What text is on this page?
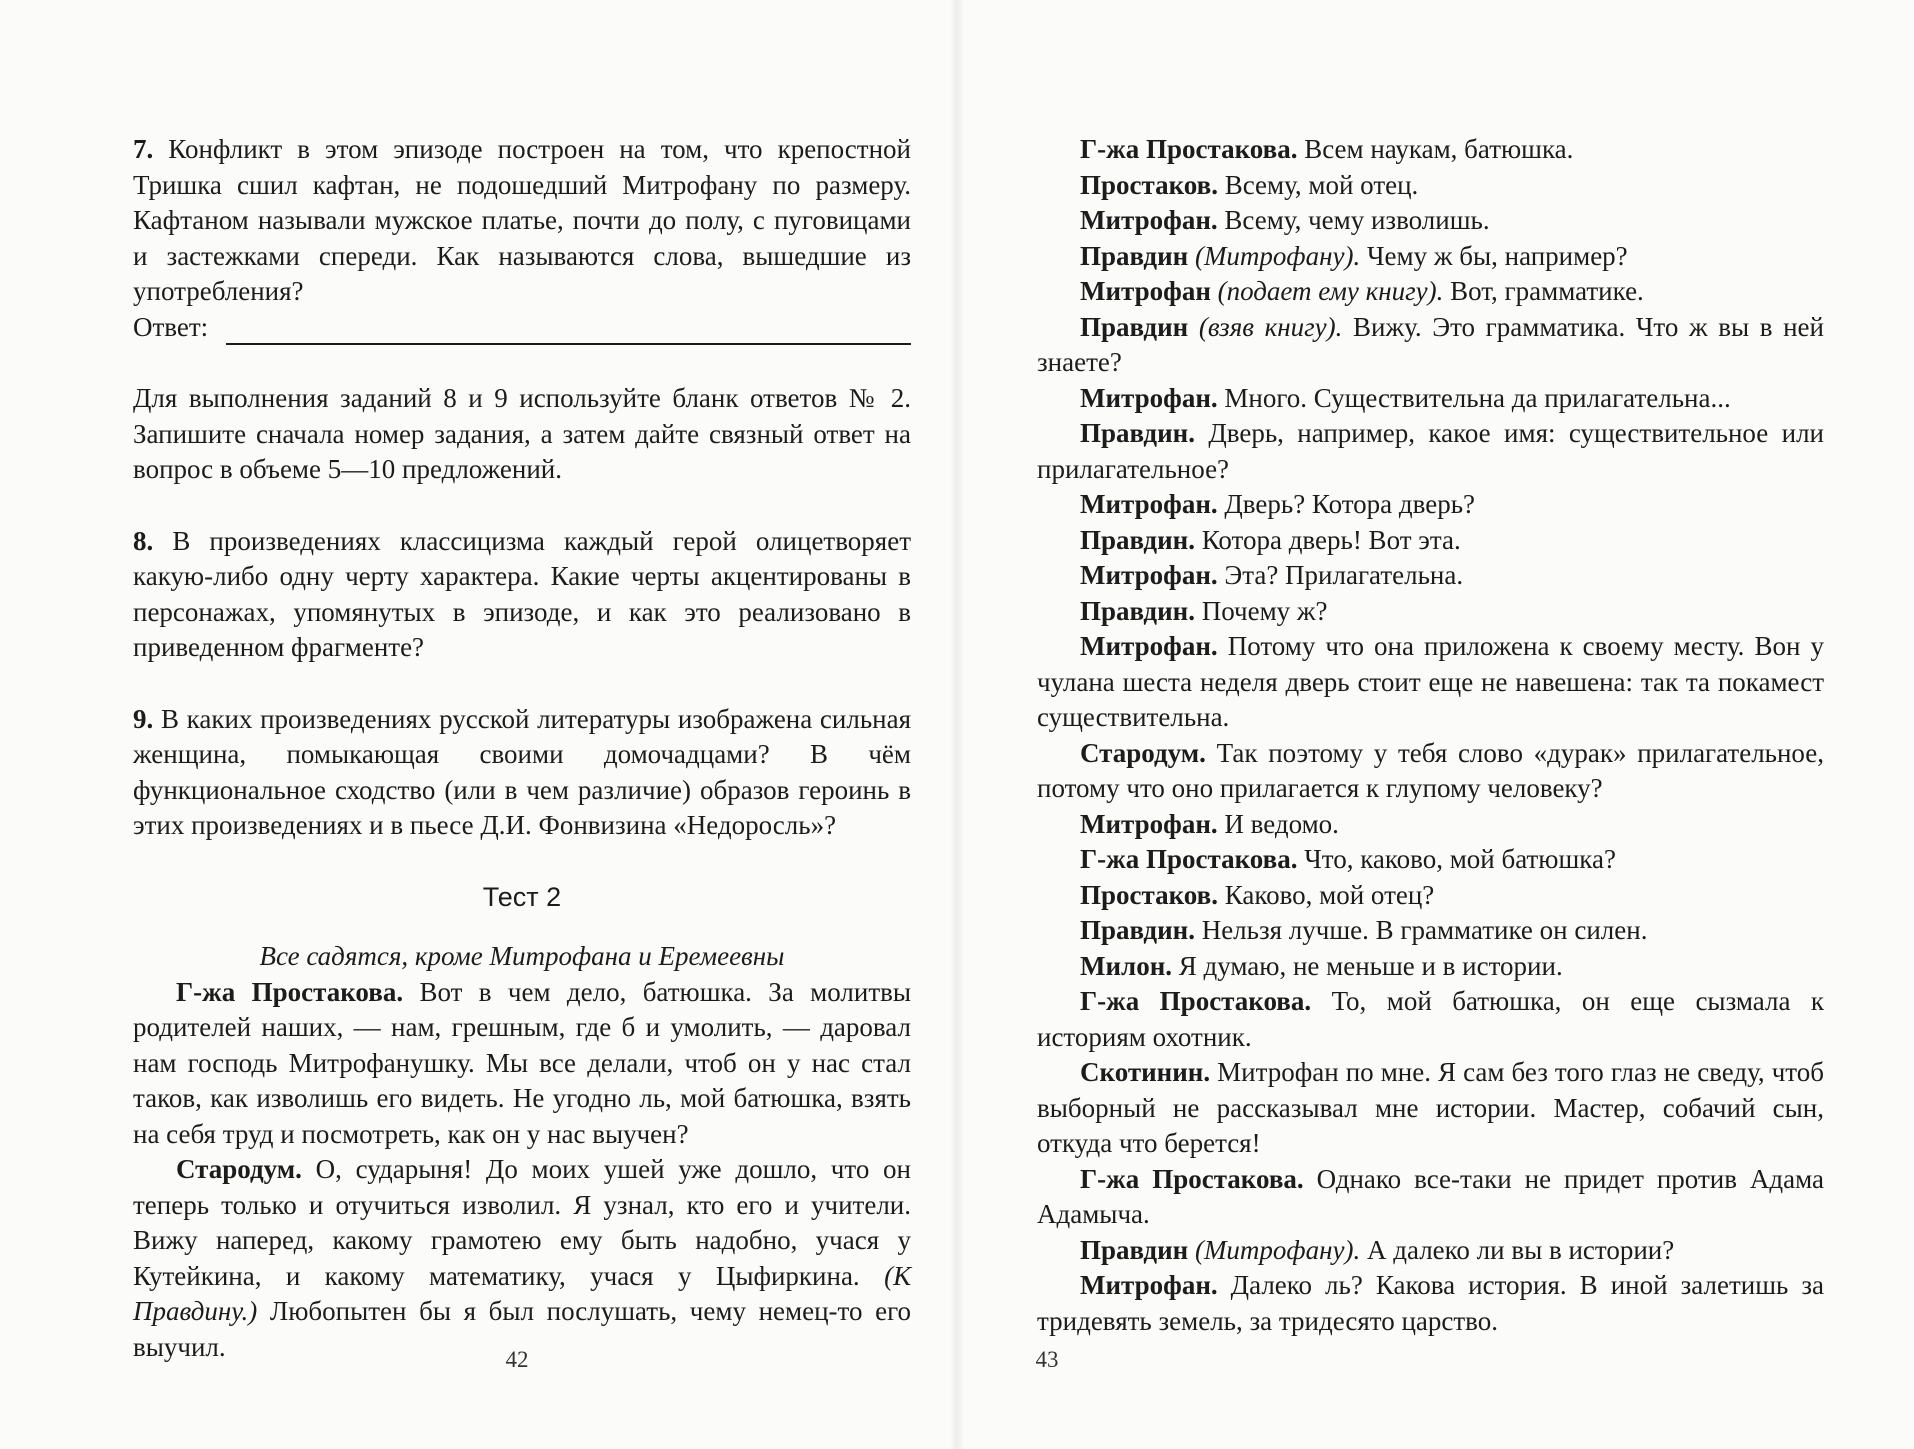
7. Конфликт в этом эпизоде построен на том, что крепостной Тришка сшил кафтан, не подошедший Митрофану по размеру. Кафтаном называли мужское платье, почти до полу, с пуговицами и застежками спереди. Как называются слова, вышедшие из употребления?

Ответ:

Для выполнения заданий 8 и 9 используйте бланк ответов № 2. Запишите сначала номер задания, а затем дайте связный ответ на вопрос в объеме 5—10 предложений.

8. В произведениях классицизма каждый герой олицетворяет какую-либо одну черту характера. Какие черты акцентированы в персонажах, упомянутых в эпизоде, и как это реализовано в приведенном фрагменте?

9. В каких произведениях русской литературы изображена сильная женщина, помыкающая своими домочадцами? В чём функциональное сходство (или в чем различие) образов героинь в этих произведениях и в пьесе Д.И. Фонвизина «Недоросль»?

Тест 2

Все садятся, кроме Митрофана и Еремеевны

Г-жа Простакова. Вот в чем дело, батюшка. За молитвы родителей наших, — нам, грешным, где б и умолить, — даровал нам господь Митрофанушку. Мы все делали, чтоб он у нас стал таков, как изволишь его видеть. Не угодно ль, мой батюшка, взять на себя труд и посмотреть, как он у нас выучен?

Стародум. О, сударыня! До моих ушей уже дошло, что он теперь только и отучиться изволил. Я узнал, кто его и учители. Вижу наперед, какому грамотею ему быть надобно, учася у Кутейкина, и какому математику, учася у Цыфиркина. (К Правдину.) Любопытен бы я был послушать, чему немец-то его выучил.	42

Г-жа Простакова. Всем наукам, батюшка.

Простаков. Всему, мой отец.

Митрофан. Всему, чему изволишь.

Правдин (Митрофану). Чему ж бы, например?

Митрофан (подает ему книгу). Вот, грамматике.

Правдин (взяв книгу). Вижу. Это грамматика. Что ж вы в ней знаете?

Митрофан. Много. Существительна да прилагательна...

Правдин. Дверь, например, какое имя: существительное или прилагательное?

Митрофан. Дверь? Котора дверь?

Правдин. Котора дверь! Вот эта.

Митрофан. Эта? Прилагательна.

Правдин. Почему ж?

Митрофан. Потому что она приложена к своему месту. Вон у чулана шеста неделя дверь стоит еще не навешена: так та покамест существительна.

Стародум. Так поэтому у тебя слово «дурак» прилагательное, потому что оно прилагается к глупому человеку?

Митрофан. И ведомо.

Г-жа Простакова. Что, каково, мой батюшка?

Простаков. Каково, мой отец?

Правдин. Нельзя лучше. В грамматике он силен.

Милон. Я думаю, не меньше и в истории.

Г-жа Простакова. То, мой батюшка, он еще сызмала к историям охотник.

Скотинин. Митрофан по мне. Я сам без того глаз не сведу, чтоб выборный не рассказывал мне истории. Мастер, собачий сын, откуда что берется!

Г-жа Простакова. Однако все-таки не придет против Адама Адамыча.

Правдин (Митрофану). А далеко ли вы в истории?

Митрофан. Далеко ль? Какова история. В иной залетишь за тридевять земель, за тридесято царство.

43
